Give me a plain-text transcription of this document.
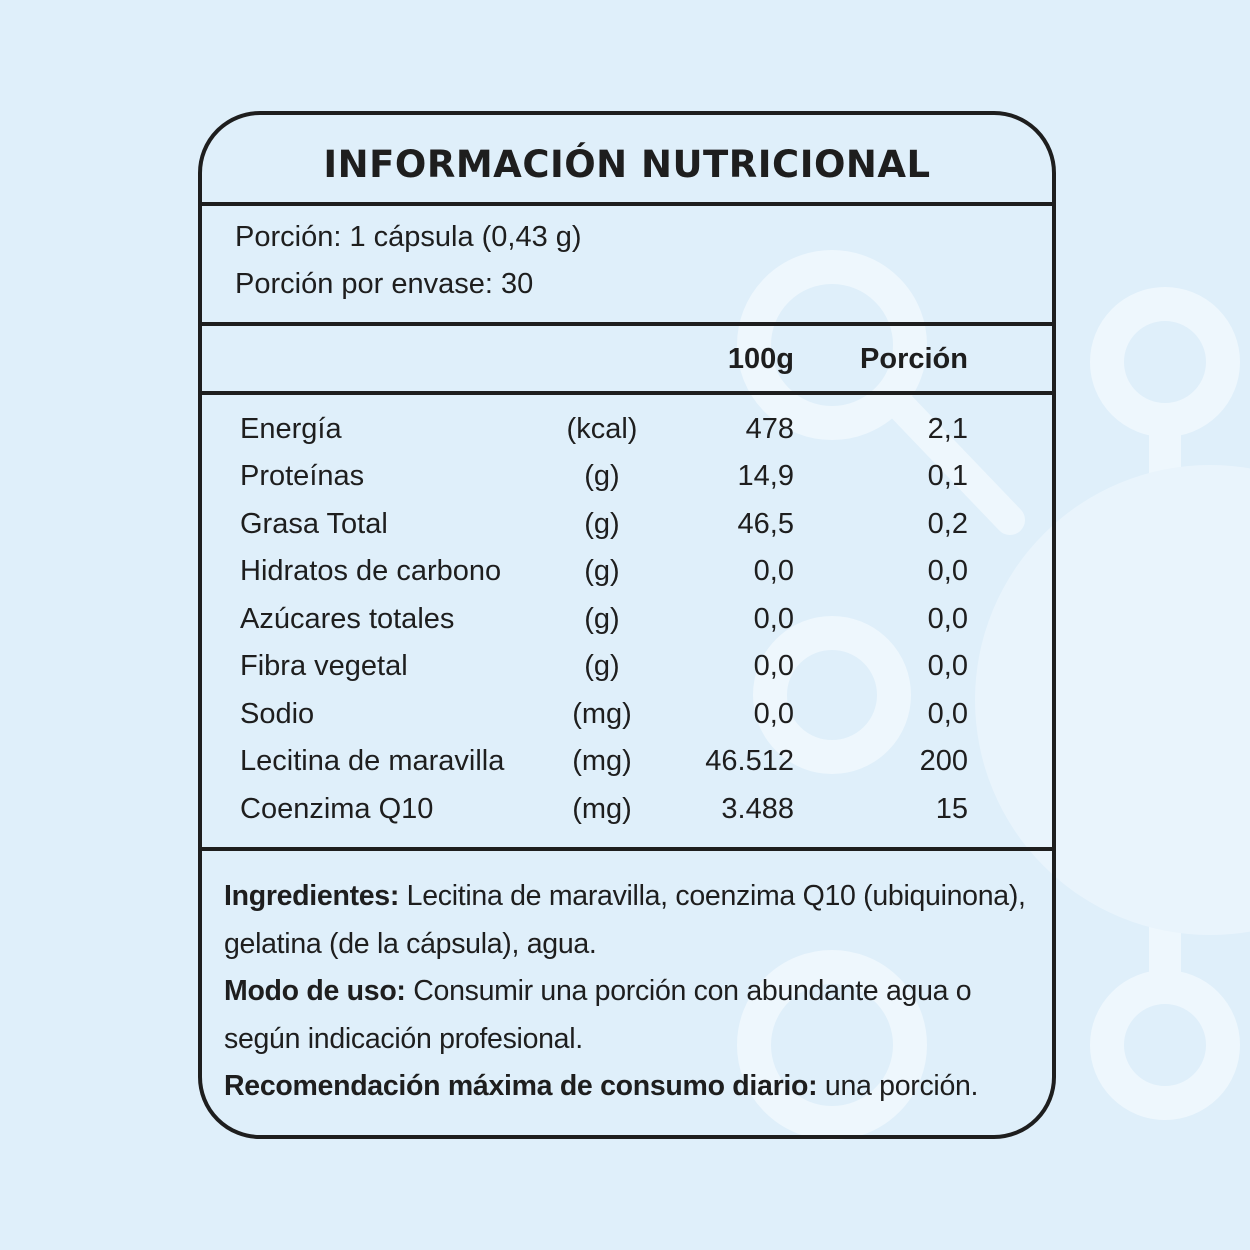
INFORMACIÓN NUTRICIONAL
Porción: 1 cápsula (0,43 g)
Porción por envase: 30
100g Porción
Energía	(kcal)	478	2,1
Proteínas	(g)	14,9	0,1
Grasa Total	(g)	46,5	0,2
Hidratos de carbono	(g)	0,0	0,0
Azúcares totales	(g)	0,0	0,0
Fibra vegetal	(g)	0,0	0,0
Sodio	(mg)	0,0	0,0
Lecitina de maravilla	(mg)	46.512	200
Coenzima Q10	(mg)	3.488	15
Ingredientes: Lecitina de maravilla, coenzima Q10 (ubiquinona),
gelatina (de la cápsula), agua.
Modo de uso: Consumir una porción con abundante agua o
según indicación profesional.
Recomendación máxima de consumo diario: una porción.
